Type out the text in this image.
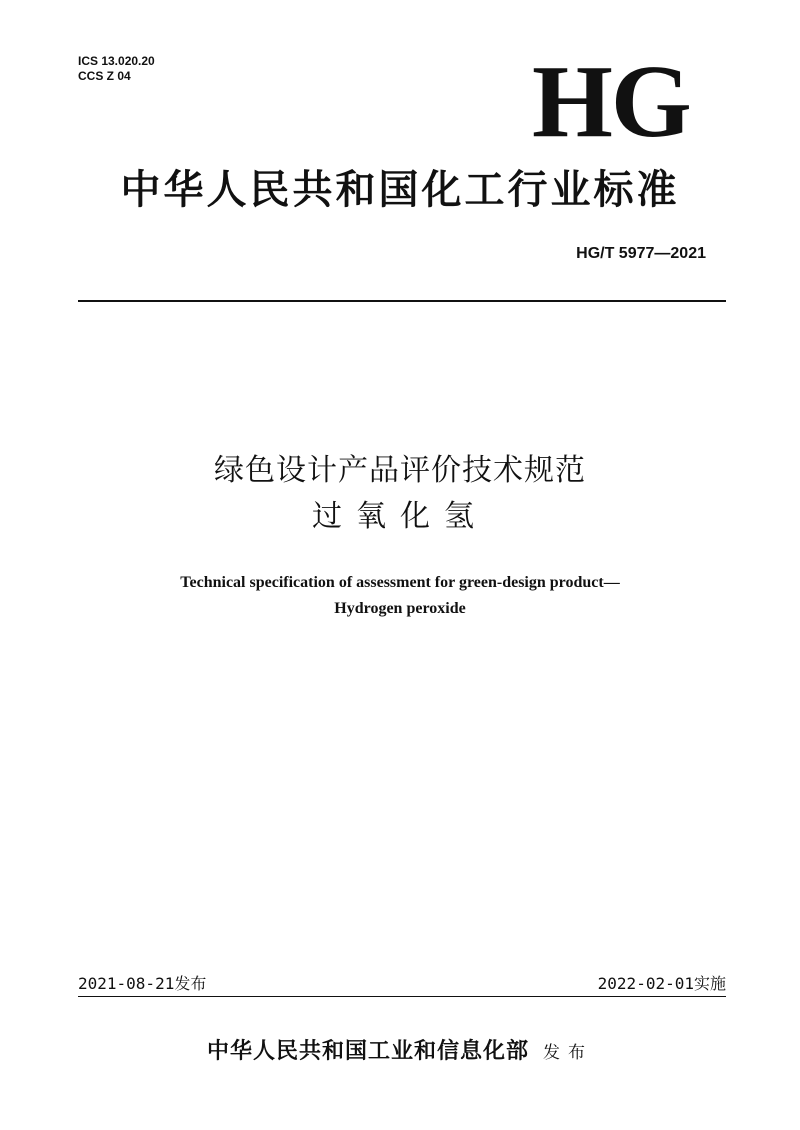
ICS 13.020.20
CCS Z 04	HG
中华人民共和国化工行业标准
HG/T 5977—2021
绿色设计产品评价技术规范
过氧化氢
Technical specification of assessment for green-design product—
Hydrogen peroxide
2021-08-21发布	2022-02-01实施
中华人民共和国工业和信息化部 发布
